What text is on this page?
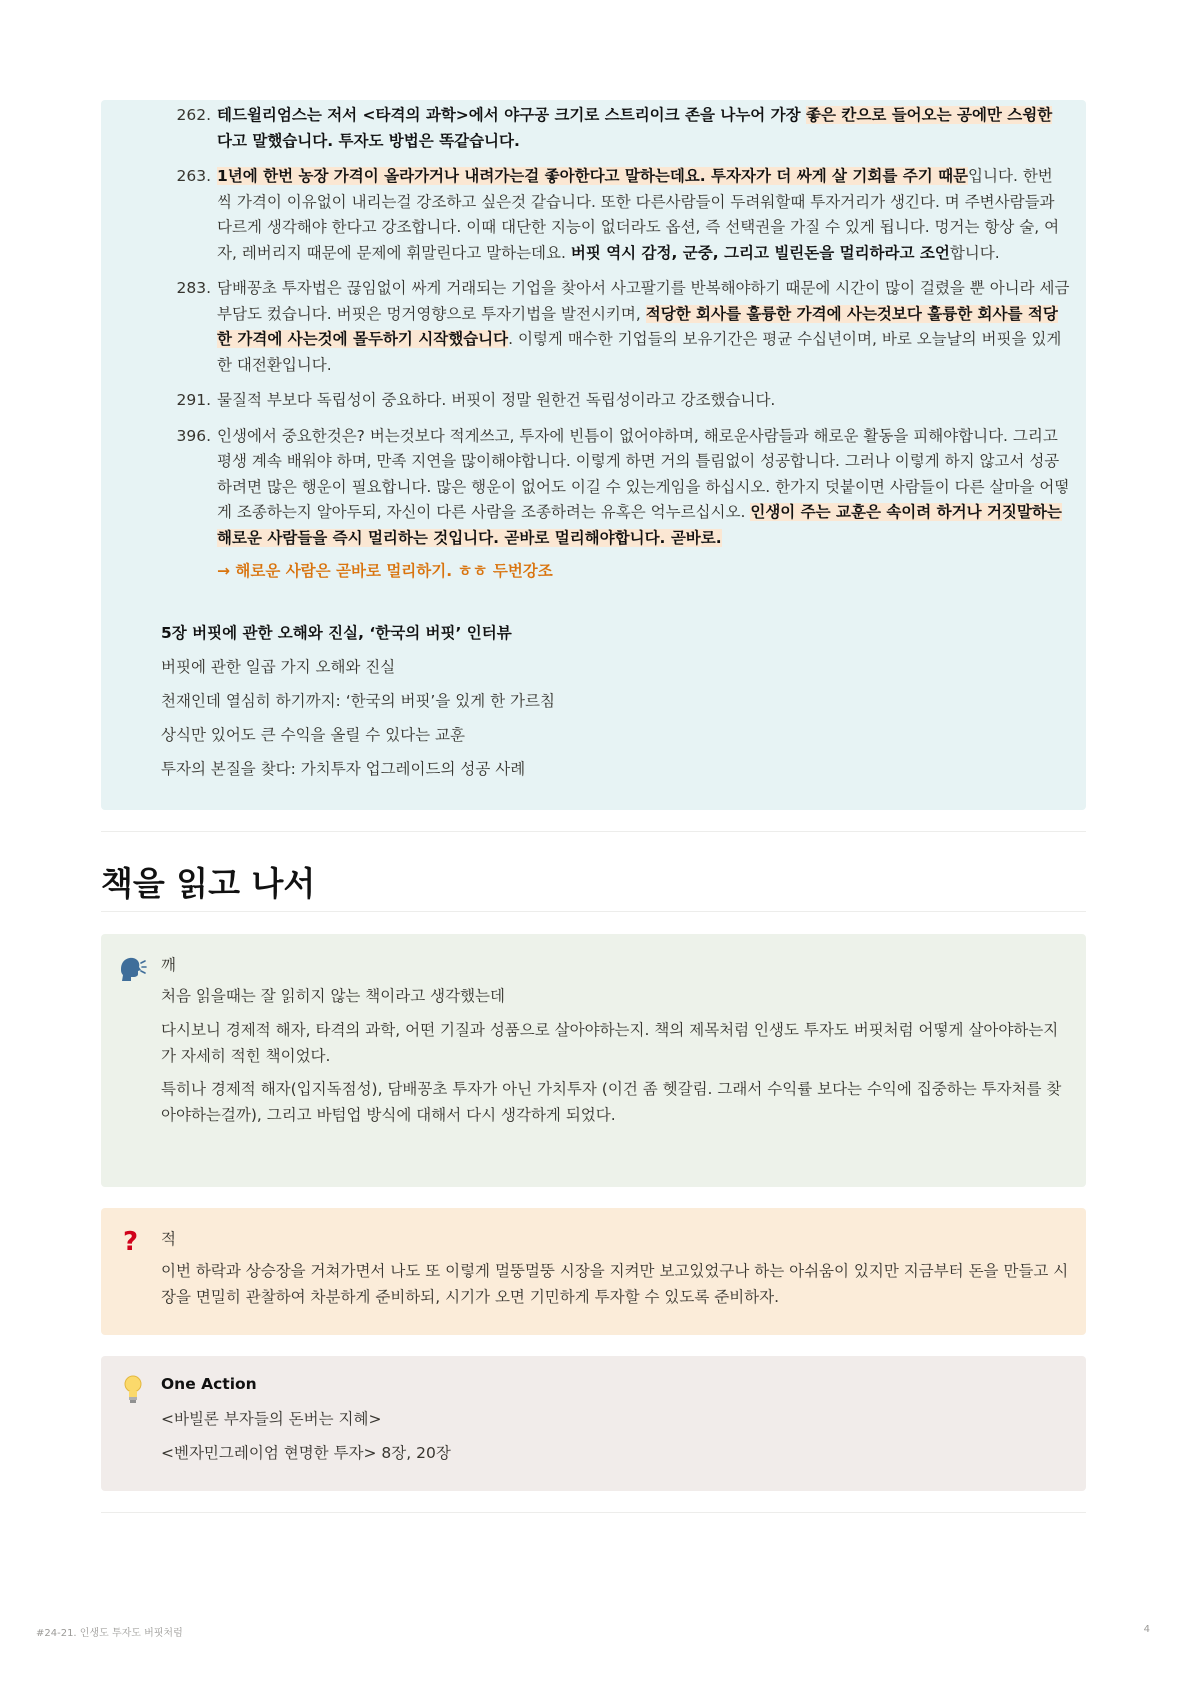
262. 테드윌리엄스는 저서 <타격의 과학>에서 야구공 크기로 스트리이크 존을 나누어 가장 좋은 칸으로 들어오는 공에만 스윙한 다고 말했습니다. 투자도 방법은 똑같습니다.
263. 1년에 한번 농장 가격이 올라가거나 내려가는걸 좋아한다고 말하는데요. 투자자가 더 싸게 살 기회를 주기 때문입니다. 한번 씩 가격이 이유없이 내리는걸 강조하고 싶은것 같습니다. 또한 다른사람들이 두려워할때 투자거리가 생긴다. 며 주변사람들과 다르게 생각해야 한다고 강조합니다. 이때 대단한 지능이 없더라도 옵션, 즉 선택권을 가질 수 있게 됩니다. 멍거는 항상 술, 여자, 레버리지 때문에 문제에 휘말린다고 말하는데요. 버핏 역시 감정, 군중, 그리고 빌린돈을 멀리하라고 조언합니다.
283. 담배꽁초 투자법은 끊임없이 싸게 거래되는 기업을 찾아서 사고팔기를 반복해야하기 때문에 시간이 많이 걸렸을 뿐 아니라 세금 부담도 컸습니다. 버핏은 멍거영향으로 투자기법을 발전시키며, 적당한 회사를 훌륭한 가격에 사는것보다 훌륭한 회사를 적당한 가격에 사는것에 몰두하기 시작했습니다. 이렇게 매수한 기업들의 보유기간은 평균 수십년이며, 바로 오늘날의 버핏을 있게 한 대전환입니다.
291. 물질적 부보다 독립성이 중요하다. 버핏이 정말 원한건 독립성이라고 강조했습니다.
396. 인생에서 중요한것은? 버는것보다 적게쓰고, 투자에 빈틈이 없어야하며, 해로운사람들과 해로운 활동을 피해야합니다. 그리고 평생 계속 배워야 하며, 만족 지연을 많이해야합니다. 이렇게 하면 거의 틀림없이 성공합니다. 그러나 이렇게 하지 않고서 성공하려면 많은 행운이 필요합니다. 많은 행운이 없어도 이길 수 있는게임을 하십시오. 한가지 덧붙이면 사람들이 다른 살마을 어떻게 조종하는지 알아두되, 자신이 다른 사람을 조종하려는 유혹은 억누르십시오. 인생이 주는 교훈은 속이려 하거나 거짓말하는 해로운 사람들을 즉시 멀리하는 것입니다. 곧바로 멀리해야합니다. 곧바로.
→ 해로운 사람은 곧바로 멀리하기. ㅎㅎ 두번강조
5장 버핏에 관한 오해와 진실, ‘한국의 버핏’ 인터뷰
버핏에 관한 일곱 가지 오해와 진실
천재인데 열심히 하기까지: ‘한국의 버핏’을 있게 한 가르침
상식만 있어도 큰 수익을 올릴 수 있다는 교훈
투자의 본질을 찾다: 가치투자 업그레이드의 성공 사례
책을 읽고 나서
깨
처음 읽을때는 잘 읽히지 않는 책이라고 생각했는데
다시보니 경제적 해자, 타격의 과학, 어떤 기질과 성품으로 살아야하는지. 책의 제목처럼 인생도 투자도 버핏처럼 어떻게 살아야하는지가 자세히 적힌 책이었다.
특히나 경제적 해자(입지독점성), 담배꽁초 투자가 아닌 가치투자 (이건 좀 헷갈림. 그래서 수익률 보다는 수익에 집중하는 투자처를 찾아야하는걸까), 그리고 바텀업 방식에 대해서 다시 생각하게 되었다.
? 적
이번 하락과 상승장을 거쳐가면서 나도 또 이렇게 멀뚱멀뚱 시장을 지켜만 보고있었구나 하는 아쉬움이 있지만 지금부터 돈을 만들고 시장을 면밀히 관찰하여 차분하게 준비하되, 시기가 오면 기민하게 투자할 수 있도록 준비하자.
One Action
<바빌론 부자들의 돈버는 지혜>
<벤자민그레이엄 현명한 투자> 8장, 20장
#24-21. 인생도 투자도 버핏처럼	4
